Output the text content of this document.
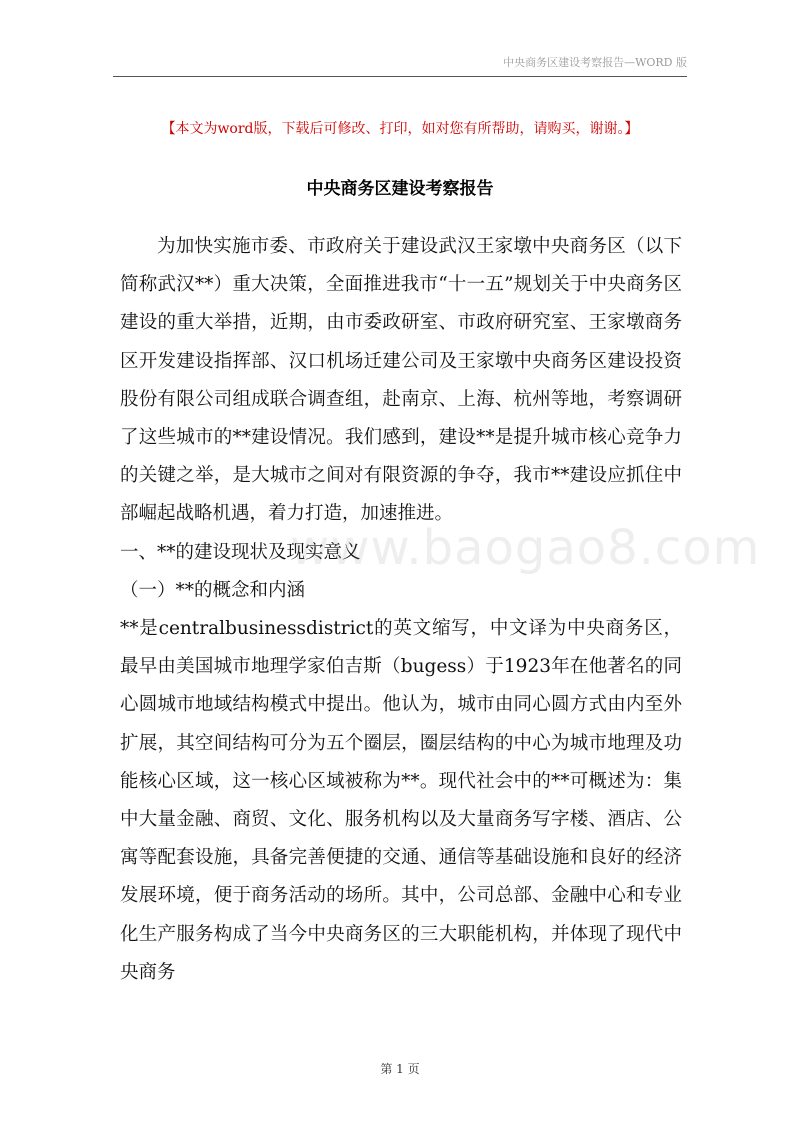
中央商务区建设考察报告—WORD 版
【本文为word版，下载后可修改、打印，如对您有所帮助，请购买，谢谢。】
中央商务区建设考察报告

为加快实施市委、市政府关于建设武汉王家墩中央商务区（以下简称武汉**）重大决策，全面推进我市“十一五”规划关于中央商务区建设的重大举措，近期，由市委政研室、市政府研究室、王家墩商务区开发建设指挥部、汉口机场迁建公司及王家墩中央商务区建设投资股份有限公司组成联合调查组，赴南京、上海、杭州等地，考察调研了这些城市的**建设情况。我们感到，建设**是提升城市核心竞争力的关键之举，是大城市之间对有限资源的争夺，我市**建设应抓住中部崛起战略机遇，着力打造，加速推进。

一、**的建设现状及现实意义

（一）**的概念和内涵

**是centralbusinessdistrict的英文缩写，中文译为中央商务区，最早由美国城市地理学家伯吉斯（bugess）于1923年在他著名的同心圆城市地域结构模式中提出。他认为，城市由同心圆方式由内至外扩展，其空间结构可分为五个圈层，圈层结构的中心为城市地理及功能核心区域，这一核心区域被称为**。现代社会中的**可概述为：集中大量金融、商贸、文化、服务机构以及大量商务写字楼、酒店、公寓等配套设施，具备完善便捷的交通、通信等基础设施和良好的经济发展环境，便于商务活动的场所。其中，公司总部、金融中心和专业化生产服务构成了当今中央商务区的三大职能机构，并体现了现代中央商务

www.baogao8.com
第 1 页
